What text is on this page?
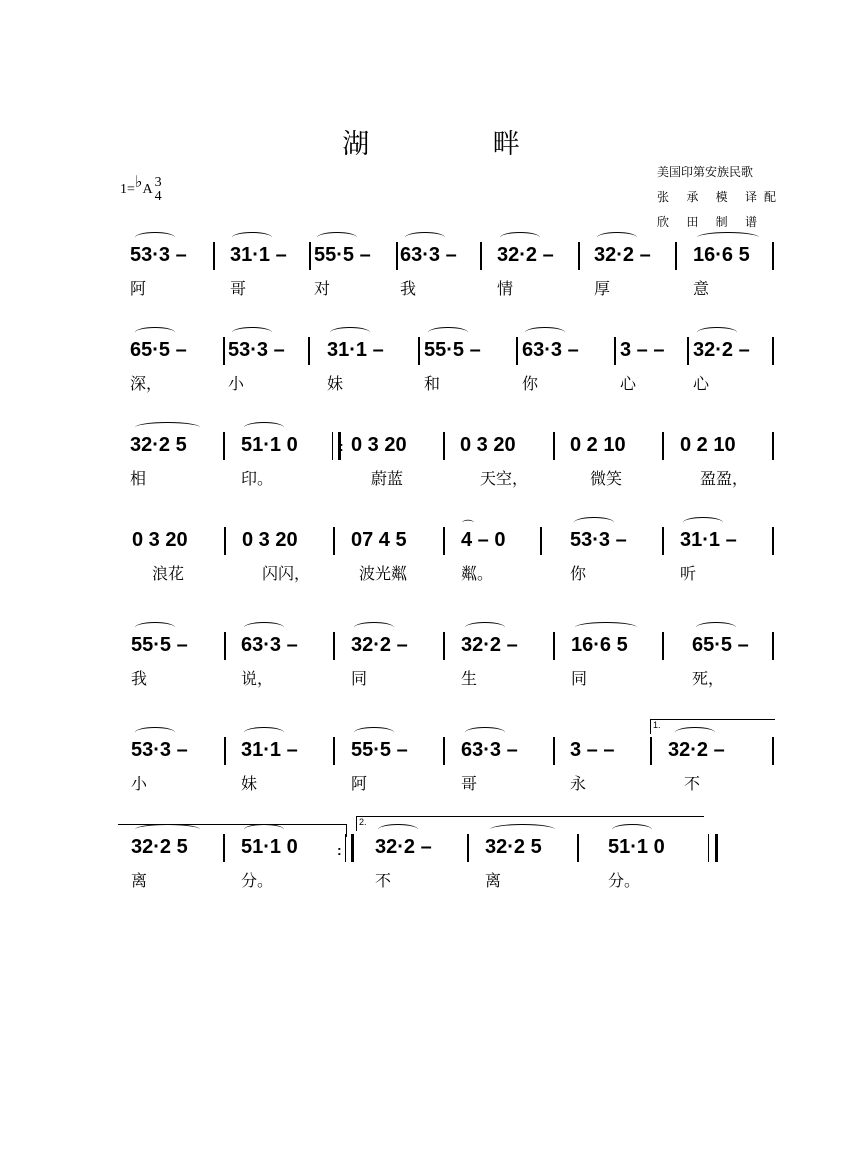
湖 畔
1=♭A 3
4
美国印第安族民歌
张 承 模 译配
欣 田 制 谱
53·3 –
阿
31·1 –
哥
55·5 –
对
63·3 –
我
32·2 –
情
32·2 –
厚
16·6 5
意
65·5 –
深，
53·3 –
小
31·1 –
妹
55·5 –
和
63·3 –
你
3 – –
心
32·2 –
心
32·2 5
相
51·1 0
印。
: 0 3 20
蔚蓝
0 3 20
天空，
0 2 10
微笑
0 2 10
盈盈，
0 3 20
浪花
0 3 20
闪闪，
07 4 5
波光粼
⌒
4 – 0
粼。
53·3 –
你
31·1 –
听
55·5 –
我
63·3 –
说，
32·2 –
同
32·2 –
生
16·6 5
同
65·5 –
死，
53·3 –
小
31·1 –
妹
55·5 –
阿
63·3 –
哥
3 – –
永
1.
32·2 –
不
32·2 5
离
51·1 0
分。
:
2.
32·2 –
不
32·2 5
离
51·1 0
分。
